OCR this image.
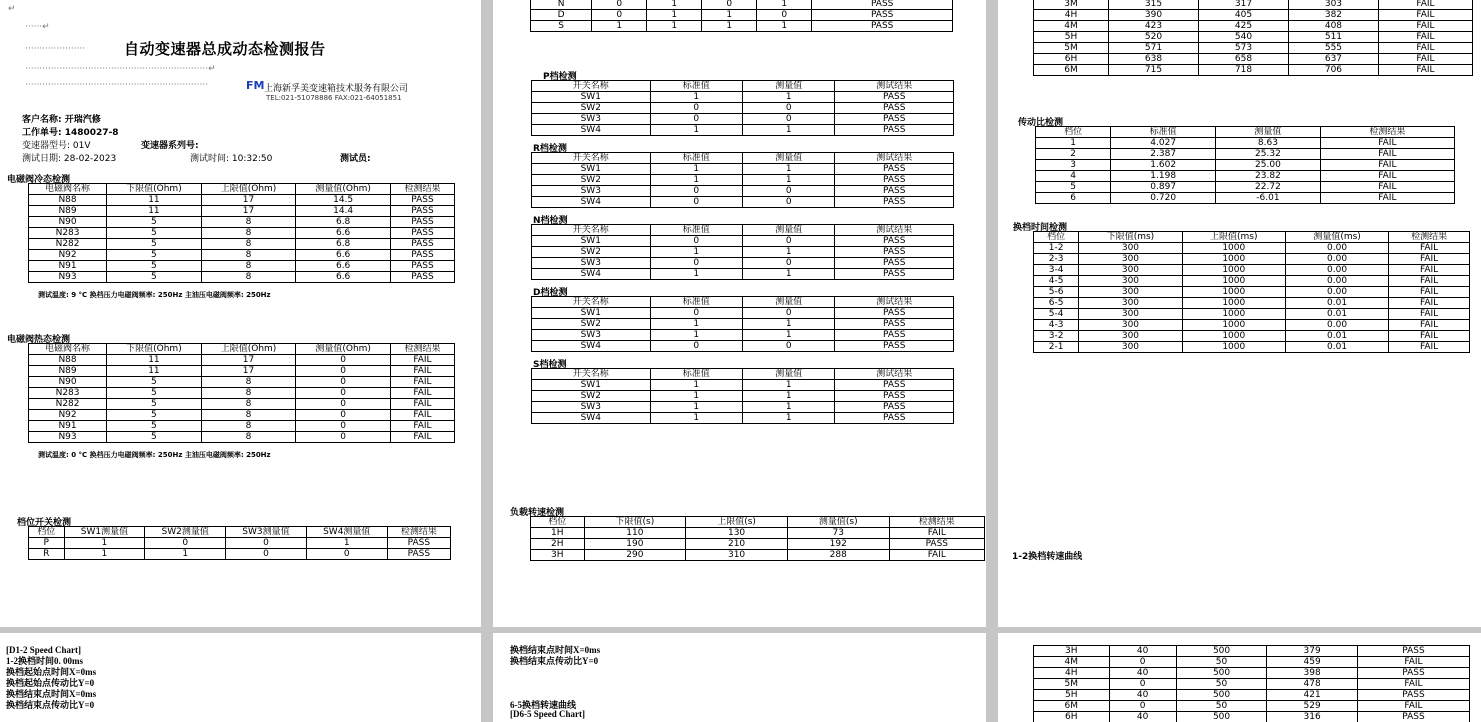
↵
······↵
·····················	自动变速器总成动态检测报告
································································↵
································································	FM 上海新孚美变速箱技术服务有限公司
TEL:021-51078886 FAX:021-64051851
客户名称: 开瑞汽修
工作单号: 1480027-8
变速器型号: 01V	变速器系列号:
测试日期: 28-02-2023	测试时间: 10:32:50	测试员:
电磁阀冷态检测
电磁阀名称	下限值(Ohm)	上限值(Ohm)	测量值(Ohm)	检测结果
N88	11	17	14.5	PASS
N89	11	17	14.4	PASS
N90	5	8	6.8	PASS
N283	5	8	6.6	PASS
N282	5	8	6.8	PASS
N92	5	8	6.6	PASS
N91	5	8	6.6	PASS
N93	5	8	6.6	PASS
测试温度: 9 °C 换档压力电磁阀频率: 250Hz 主油压电磁阀频率: 250Hz
电磁阀热态检测
电磁阀名称	下限值(Ohm)	上限值(Ohm)	测量值(Ohm)	检测结果
N88	11	17	0	FAIL
N89	11	17	0	FAIL
N90	5	8	0	FAIL
N283	5	8	0	FAIL
N282	5	8	0	FAIL
N92	5	8	0	FAIL
N91	5	8	0	FAIL
N93	5	8	0	FAIL
测试温度: 0 °C 换档压力电磁阀频率: 250Hz 主油压电磁阀频率: 250Hz
档位开关检测
档位	SW1测量值	SW2测量值	SW3测量值	SW4测量值	检测结果
P	1	0	0	1	PASS
R	1	1	0	0	PASS
N	0	1	0	1	PASS
D	0	1	1	0	PASS
S	1	1	1	1	PASS
P档检测
开关名称	标准值	测量值	测试结果
SW1	1	1	PASS
SW2	0	0	PASS
SW3	0	0	PASS
SW4	1	1	PASS
R档检测
开关名称	标准值	测量值	测试结果
SW1	1	1	PASS
SW2	1	1	PASS
SW3	0	0	PASS
SW4	0	0	PASS
N档检测
开关名称	标准值	测量值	测试结果
SW1	0	0	PASS
SW2	1	1	PASS
SW3	0	0	PASS
SW4	1	1	PASS
D档检测
开关名称	标准值	测量值	测试结果
SW1	0	0	PASS
SW2	1	1	PASS
SW3	1	1	PASS
SW4	0	0	PASS
S档检测
开关名称	标准值	测量值	测试结果
SW1	1	1	PASS
SW2	1	1	PASS
SW3	1	1	PASS
SW4	1	1	PASS
负载转速检测
档位	下限值(s)	上限值(s)	测量值(s)	检测结果
1H	110	130	73	FAIL
2H	190	210	192	PASS
3H	290	310	288	FAIL
3M	315	317	303	FAIL
4H	390	405	382	FAIL
4M	423	425	408	FAIL
5H	520	540	511	FAIL
5M	571	573	555	FAIL
6H	638	658	637	FAIL
6M	715	718	706	FAIL
传动比检测
档位	标准值	测量值	检测结果
1	4.027	8.63	FAIL
2	2.387	25.32	FAIL
3	1.602	25.00	FAIL
4	1.198	23.82	FAIL
5	0.897	22.72	FAIL
6	0.720	-6.01	FAIL
换档时间检测
档位	下限值(ms)	上限值(ms)	测量值(ms)	检测结果
1-2	300	1000	0.00	FAIL
2-3	300	1000	0.00	FAIL
3-4	300	1000	0.00	FAIL
4-5	300	1000	0.00	FAIL
5-6	300	1000	0.00	FAIL
6-5	300	1000	0.01	FAIL
5-4	300	1000	0.01	FAIL
4-3	300	1000	0.00	FAIL
3-2	300	1000	0.01	FAIL
2-1	300	1000	0.01	FAIL
1-2换档转速曲线
[D1-2 Speed Chart]
1-2换档时间0. 00ms
换档起始点时间X=0ms
换档起始点传动比Y=0
换档结束点时间X=0ms
换档结束点传动比Y=0
换档结束点时间X=0ms
换档结束点传动比Y=0
6-5换档转速曲线
[D6-5 Speed Chart]
3H	40	500	379	PASS
4M	0	50	459	FAIL
4H	40	500	398	PASS
5M	0	50	478	FAIL
5H	40	500	421	PASS
6M	0	50	529	FAIL
6H	40	500	316	PASS
